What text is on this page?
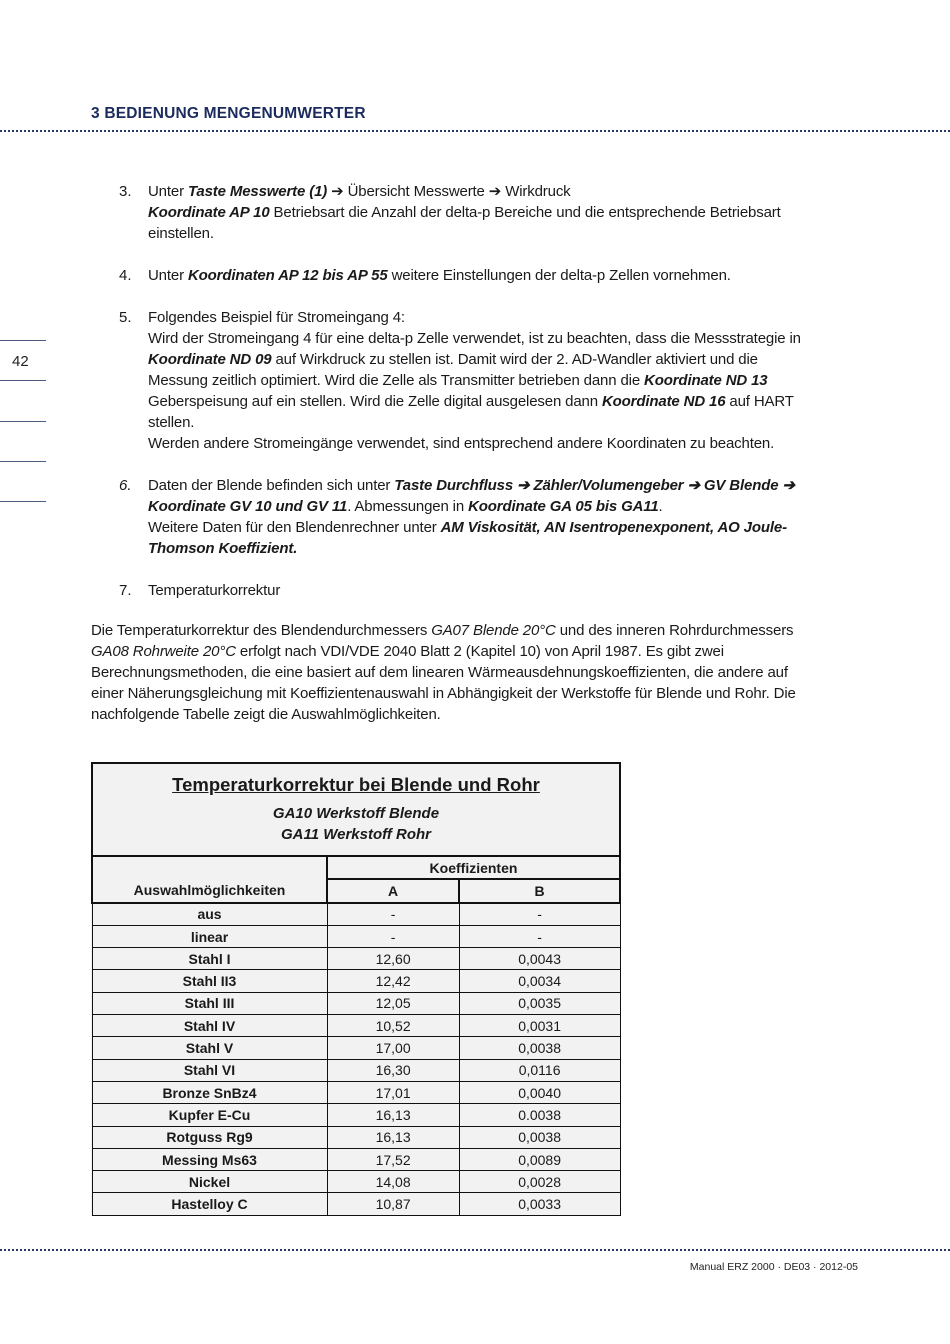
3 BEDIENUNG MENGENUMWERTER
42
3. Unter Taste Messwerte (1) ➔ Übersicht Messwerte ➔ Wirkdruck
Koordinate AP 10 Betriebsart die Anzahl der delta-p Bereiche und die entsprechende Betriebsart
einstellen.
4. Unter Koordinaten AP 12 bis AP 55 weitere Einstellungen der delta-p Zellen vornehmen.
5. Folgendes Beispiel für Stromeingang 4:
Wird der Stromeingang 4 für eine delta-p Zelle verwendet, ist zu beachten, dass die Messstrategie in
Koordinate ND 09 auf Wirkdruck zu stellen ist. Damit wird der 2. AD-Wandler aktiviert und die
Messung zeitlich optimiert. Wird die Zelle als Transmitter betrieben dann die Koordinate ND 13
Geberspeisung auf ein stellen. Wird die Zelle digital ausgelesen dann Koordinate ND 16 auf HART
stellen.
Werden andere Stromeingänge verwendet, sind entsprechend andere Koordinaten zu beachten.
6. Daten der Blende befinden sich unter Taste Durchfluss ➔ Zähler/Volumengeber ➔ GV Blende ➔
Koordinate GV 10 und GV 11. Abmessungen in Koordinate GA 05 bis GA11.
Weitere Daten für den Blendenrechner unter AM Viskosität, AN Isentropenexponent, AO Joule-
Thomson Koeffizient.
7. Temperaturkorrektur
Die Temperaturkorrektur des Blendendurchmessers GA07 Blende 20°C und des inneren Rohrdurchmessers
GA08 Rohrweite 20°C erfolgt nach VDI/VDE 2040 Blatt 2 (Kapitel 10) von April 1987. Es gibt zwei
Berechnungsmethoden, die eine basiert auf dem linearen Wärmeausdehnungskoeffizienten, die andere auf
einer Näherungsgleichung mit Koeffizientenauswahl in Abhängigkeit der Werkstoffe für Blende und Rohr. Die
nachfolgende Tabelle zeigt die Auswahlmöglichkeiten.
Temperaturkorrektur bei Blende und Rohr
GA10 Werkstoff Blende
GA11 Werkstoff Rohr		

Auswahlmöglichkeiten	Koeffizienten	
	A	B
aus	-	-
linear	-	-
Stahl I	12,60	0,0043
Stahl II3	12,42	0,0034
Stahl III	12,05	0,0035
Stahl IV	10,52	0,0031
Stahl V	17,00	0,0038
Stahl VI	16,30	0,0116
Bronze SnBz4	17,01	0,0040
Kupfer E-Cu	16,13	0.0038
Rotguss Rg9	16,13	0,0038
Messing Ms63	17,52	0,0089
Nickel	14,08	0,0028
Hastelloy C	10,87	0,0033
Manual ERZ 2000 · DE03 · 2012-05
